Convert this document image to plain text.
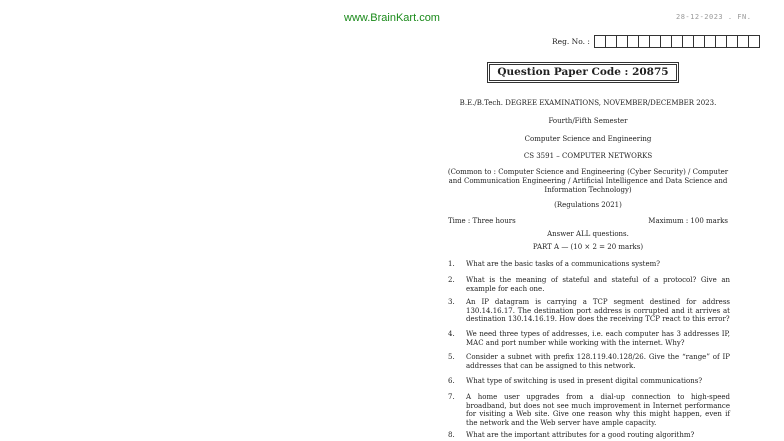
www.BrainKart.com	28-12-2023 . FN.
Reg. No. :
Question Paper Code : 20875
B.E./B.Tech. DEGREE EXAMINATIONS, NOVEMBER/DECEMBER 2023.
Fourth/Fifth Semester
Computer Science and Engineering
CS 3591 – COMPUTER NETWORKS
(Common to : Computer Science and Engineering (Cyber Security) / Computer and Communication Engineering / Artificial Intelligence and Data Science and Information Technology)
(Regulations 2021)
Time : Three hours	Maximum : 100 marks
Answer ALL questions.
PART A — (10 × 2 = 20 marks)
1.	What are the basic tasks of a communications system?
2.	What is the meaning of stateful and stateful of a protocol? Give an example for each one.
3.	An IP datagram is carrying a TCP segment destined for address 130.14.16.17. The destination port address is corrupted and it arrives at destination 130.14.16.19. How does the receiving TCP react to this error?
4.	We need three types of addresses, i.e. each computer has 3 addresses IP, MAC and port number while working with the internet. Why?
5.	Consider a subnet with prefix 128.119.40.128/26. Give the “range” of IP addresses that can be assigned to this network.
6.	What type of switching is used in present digital communications?
7.	A home user upgrades from a dial-up connection to high-speed broadband, but does not see much improvement in Internet performance for visiting a Web site. Give one reason why this might happen, even if the network and the Web server have ample capacity.
8.	What are the important attributes for a good routing algorithm?
